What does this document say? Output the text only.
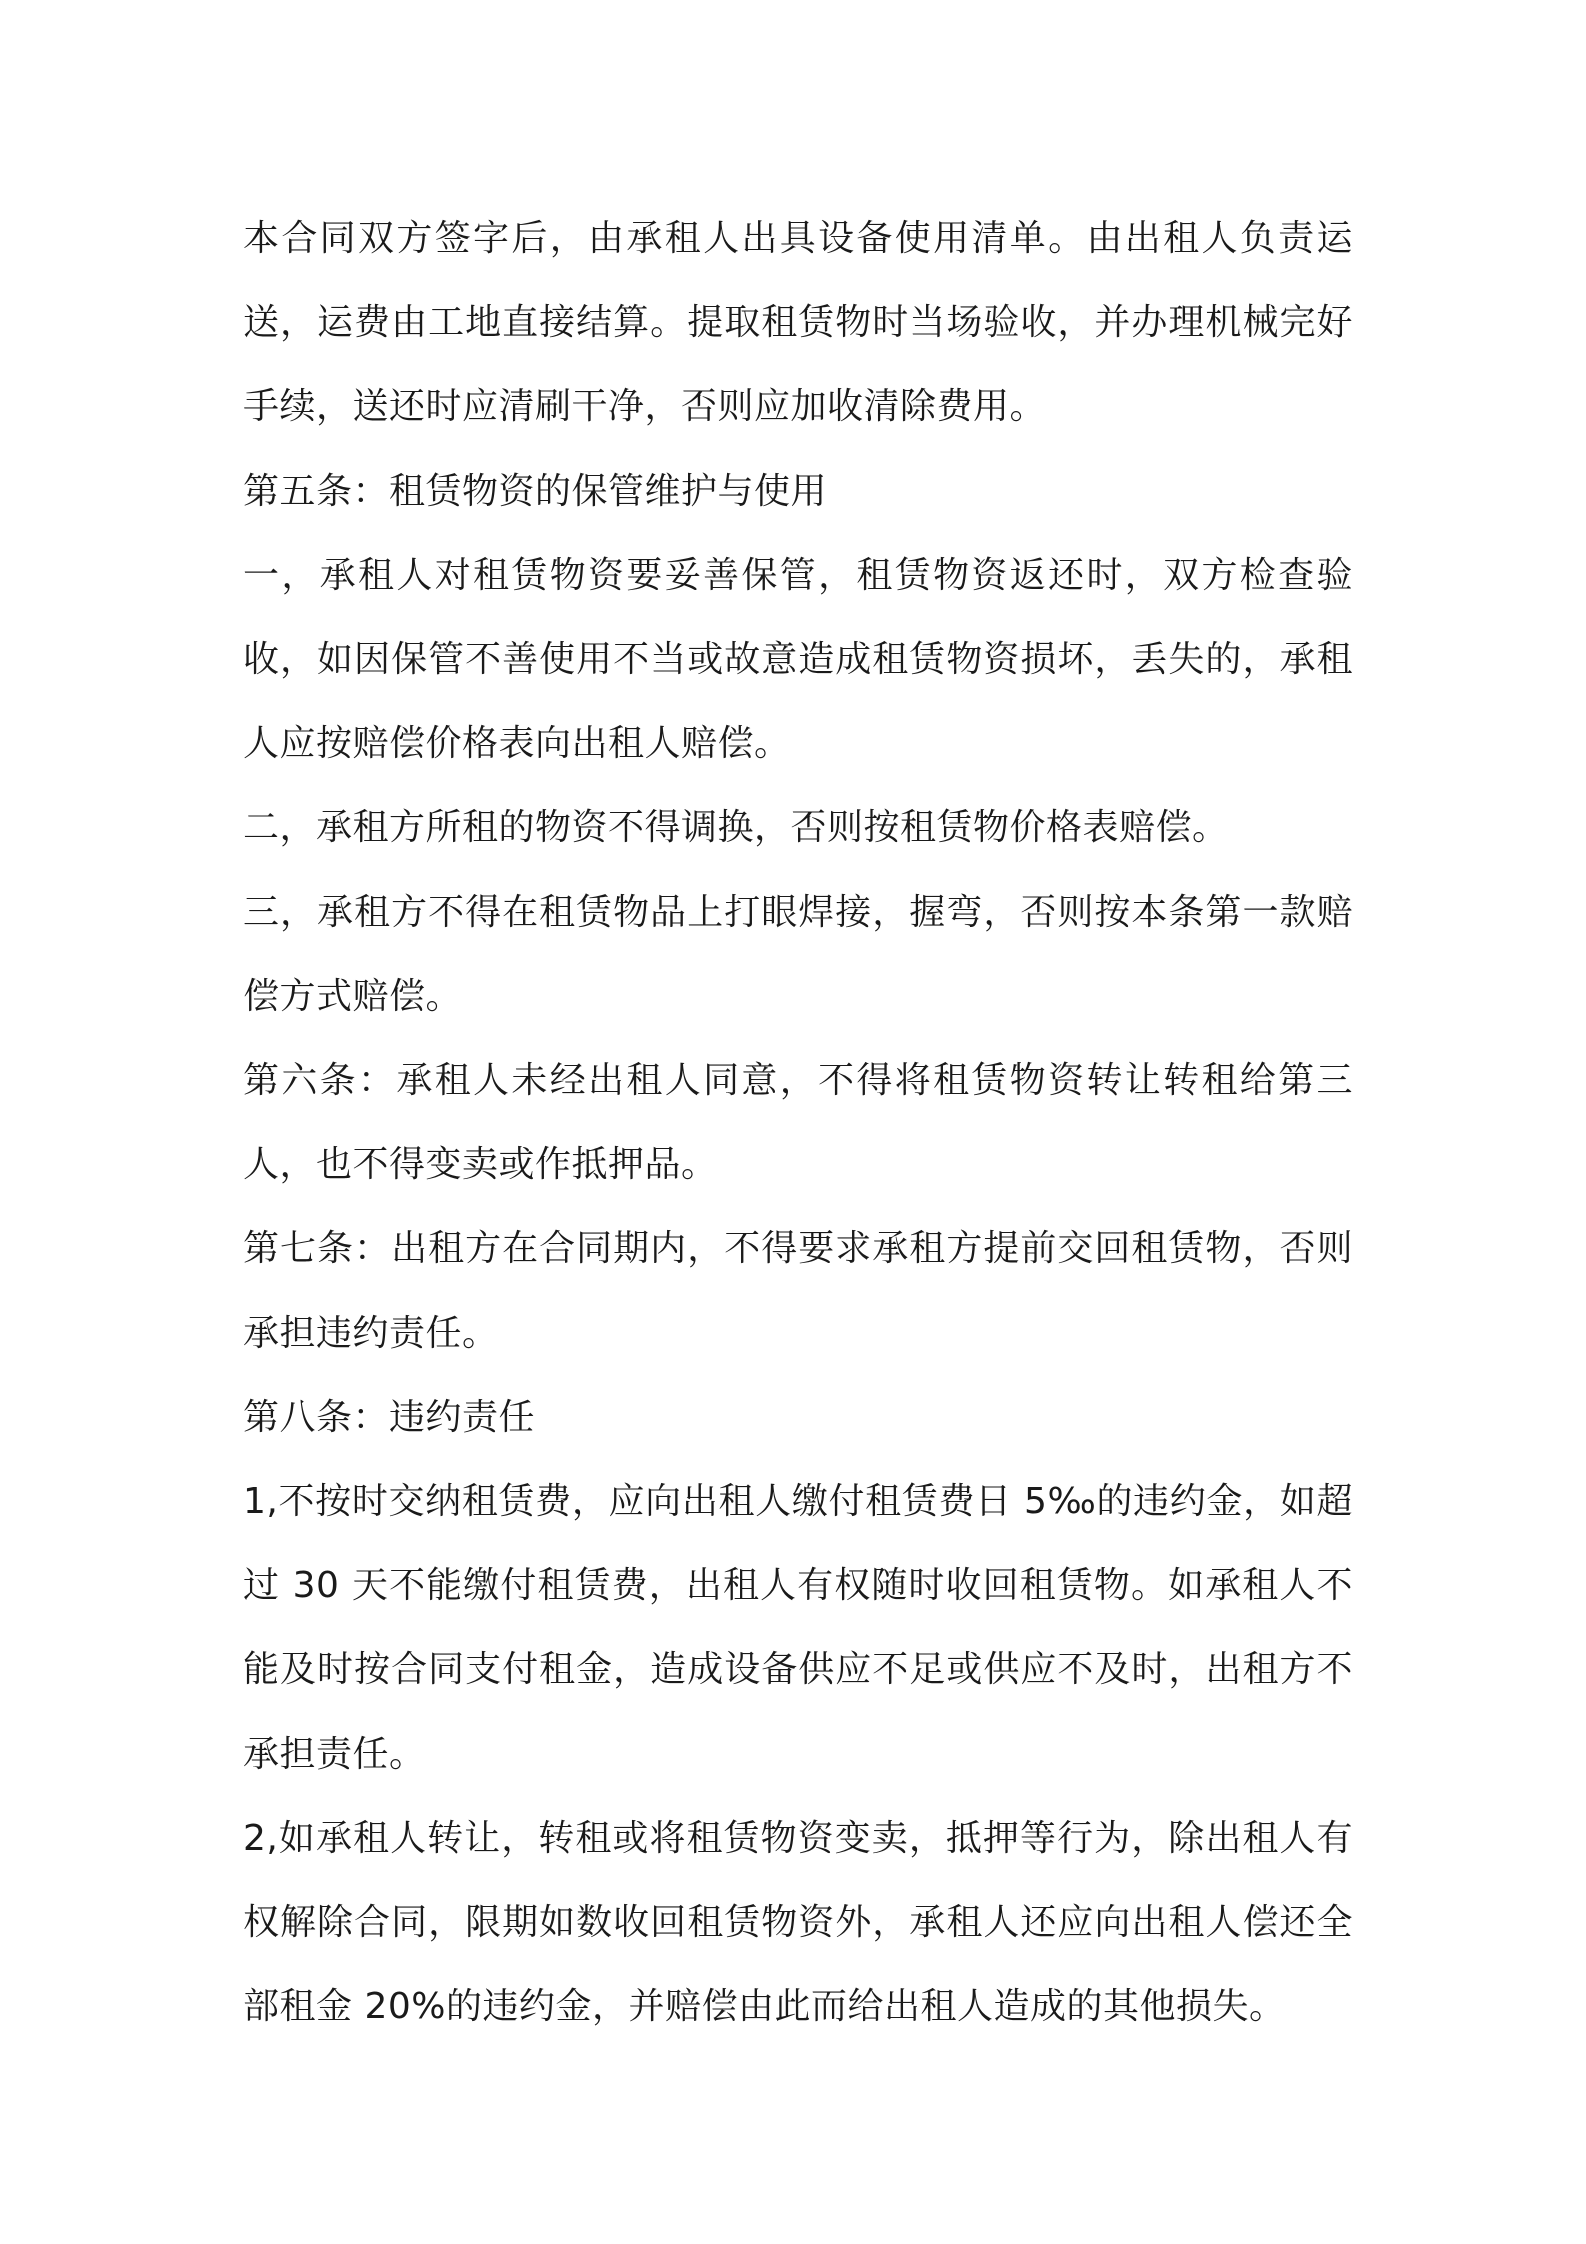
本合同双方签字后，由承租人出具设备使用清单。由出租人负责运送，运费由工地直接结算。提取租赁物时当场验收，并办理机械完好手续，送还时应清刷干净，否则应加收清除费用。

第五条：租赁物资的保管维护与使用

一，承租人对租赁物资要妥善保管，租赁物资返还时，双方检查验收，如因保管不善使用不当或故意造成租赁物资损坏，丢失的，承租人应按赔偿价格表向出租人赔偿。

二，承租方所租的物资不得调换，否则按租赁物价格表赔偿。

三，承租方不得在租赁物品上打眼焊接，握弯，否则按本条第一款赔偿方式赔偿。

第六条：承租人未经出租人同意，不得将租赁物资转让转租给第三人，也不得变卖或作抵押品。

第七条：出租方在合同期内，不得要求承租方提前交回租赁物，否则承担违约责任。

第八条：违约责任

1,不按时交纳租赁费，应向出租人缴付租赁费日 5‰的违约金，如超过 30 天不能缴付租赁费，出租人有权随时收回租赁物。如承租人不能及时按合同支付租金，造成设备供应不足或供应不及时，出租方不承担责任。

2,如承租人转让，转租或将租赁物资变卖，抵押等行为，除出租人有权解除合同，限期如数收回租赁物资外，承租人还应向出租人偿还全部租金 20%的违约金，并赔偿由此而给出租人造成的其他损失。
